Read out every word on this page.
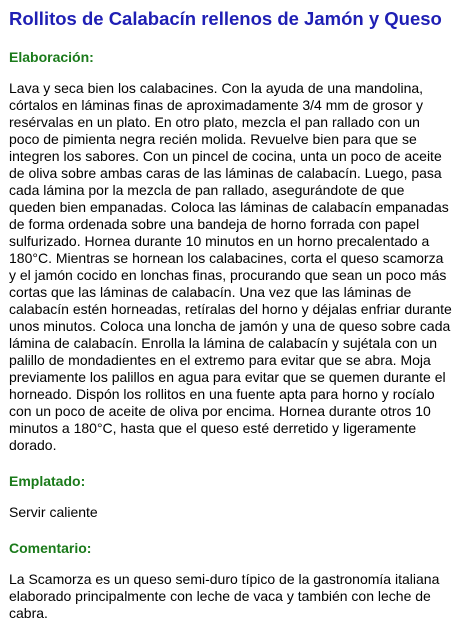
Rollitos de Calabacín rellenos de Jamón y Queso
Elaboración:

Lava y seca bien los calabacines. Con la ayuda de una mandolina, córtalos en láminas finas de aproximadamente 3/4 mm de grosor y resérvalas en un plato. En otro plato, mezcla el pan rallado con un poco de pimienta negra recién molida. Revuelve bien para que se integren los sabores. Con un pincel de cocina, unta un poco de aceite de oliva sobre ambas caras de las láminas de calabacín. Luego, pasa cada lámina por la mezcla de pan rallado, asegurándote de que queden bien empanadas. Coloca las láminas de calabacín empanadas de forma ordenada sobre una bandeja de horno forrada con papel sulfurizado. Hornea durante 10 minutos en un horno precalentado a 180°C. Mientras se hornean los calabacines, corta el queso scamorza y el jamón cocido en lonchas finas, procurando que sean un poco más cortas que las láminas de calabacín. Una vez que las láminas de calabacín estén horneadas, retíralas del horno y déjalas enfriar durante unos minutos. Coloca una loncha de jamón y una de queso sobre cada lámina de calabacín. Enrolla la lámina de calabacín y sujétala con un palillo de mondadientes en el extremo para evitar que se abra. Moja previamente los palillos en agua para evitar que se quemen durante el horneado. Dispón los rollitos en una fuente apta para horno y rocíalo con un poco de aceite de oliva por encima. Hornea durante otros 10 minutos a 180°C, hasta que el queso esté derretido y ligeramente dorado.

Emplatado:

Servir caliente

Comentario:

La Scamorza es un queso semi-duro típico de la gastronomía italiana elaborado principalmente con leche de vaca y también con leche de cabra.
